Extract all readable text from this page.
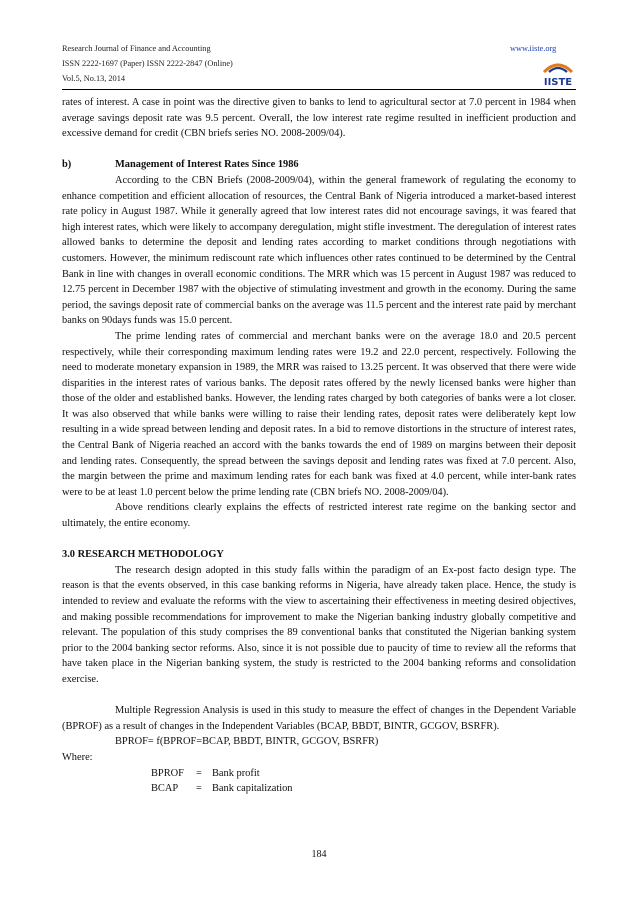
Research Journal of Finance and Accounting
ISSN 2222-1697 (Paper) ISSN 2222-2847 (Online)
Vol.5, No.13, 2014
www.iiste.org
IISTE

rates of interest. A case in point was the directive given to banks to lend to agricultural sector at 7.0 percent in 1984 when average savings deposit rate was 9.5 percent. Overall, the low interest rate regime resulted in inefficient production and excessive demand for credit (CBN briefs series NO. 2008-2009/04).

b)	Management of Interest Rates Since 1986

According to the CBN Briefs (2008-2009/04), within the general framework of regulating the economy to enhance competition and efficient allocation of resources, the Central Bank of Nigeria introduced a market-based interest rate policy in August 1987. While it generally agreed that low interest rates did not encourage savings, it was feared that high interest rates, which were likely to accompany deregulation, might stifle investment. The deregulation of interest rates allowed banks to determine the deposit and lending rates according to market conditions through negotiations with customers. However, the minimum rediscount rate which influences other rates continued to be determined by the Central Bank in line with changes in overall economic conditions. The MRR which was 15 percent in August 1987 was reduced to 12.75 percent in December 1987 with the objective of stimulating investment and growth in the economy. During the same period, the savings deposit rate of commercial banks on the average was 11.5 percent and the interest rate paid by merchant banks on 90days funds was 15.0 percent.

The prime lending rates of commercial and merchant banks were on the average 18.0 and 20.5 percent respectively, while their corresponding maximum lending rates were 19.2 and 22.0 percent, respectively. Following the need to moderate monetary expansion in 1989, the MRR was raised to 13.25 percent. It was observed that there were wide disparities in the interest rates of various banks. The deposit rates offered by the newly licensed banks were higher than those of the older and established banks. However, the lending rates charged by both categories of banks were a lot closer. It was also observed that while banks were willing to raise their lending rates, deposit rates were deliberately kept low resulting in a wide spread between lending and deposit rates. In a bid to remove distortions in the structure of interest rates, the Central Bank of Nigeria reached an accord with the banks towards the end of 1989 on margins between their deposit and lending rates. Consequently, the spread between the savings deposit and lending rates was fixed at 7.0 percent. Also, the margin between the prime and maximum lending rates for each bank was fixed at 4.0 percent, while inter-bank rates were to be at least 1.0 percent below the prime lending rate (CBN briefs NO. 2008-2009/04).

Above renditions clearly explains the effects of restricted interest rate regime on the banking sector and ultimately, the entire economy.

3.0 RESEARCH METHODOLOGY

The research design adopted in this study falls within the paradigm of an Ex-post facto design type. The reason is that the events observed, in this case banking reforms in Nigeria, have already taken place. Hence, the study is intended to review and evaluate the reforms with the view to ascertaining their effectiveness in meeting desired objectives, and making possible recommendations for improvement to make the Nigerian banking industry globally competitive and relevant. The population of this study comprises the 89 conventional banks that constituted the Nigerian banking system prior to the 2004 banking sector reforms. Also, since it is not possible due to paucity of time to review all the reforms that have taken place in the Nigerian banking system, the study is restricted to the 2004 banking reforms and consolidation exercise.

Multiple Regression Analysis is used in this study to measure the effect of changes in the Dependent Variable (BPROF) as a result of changes in the Independent Variables (BCAP, BBDT, BINTR, GCGOV, BSRFR).

BPROF= f(BPROF=BCAP, BBDT, BINTR, GCGOV, BSRFR)

Where:

BPROF	= Bank profit
BCAP	= Bank capitalization
184
